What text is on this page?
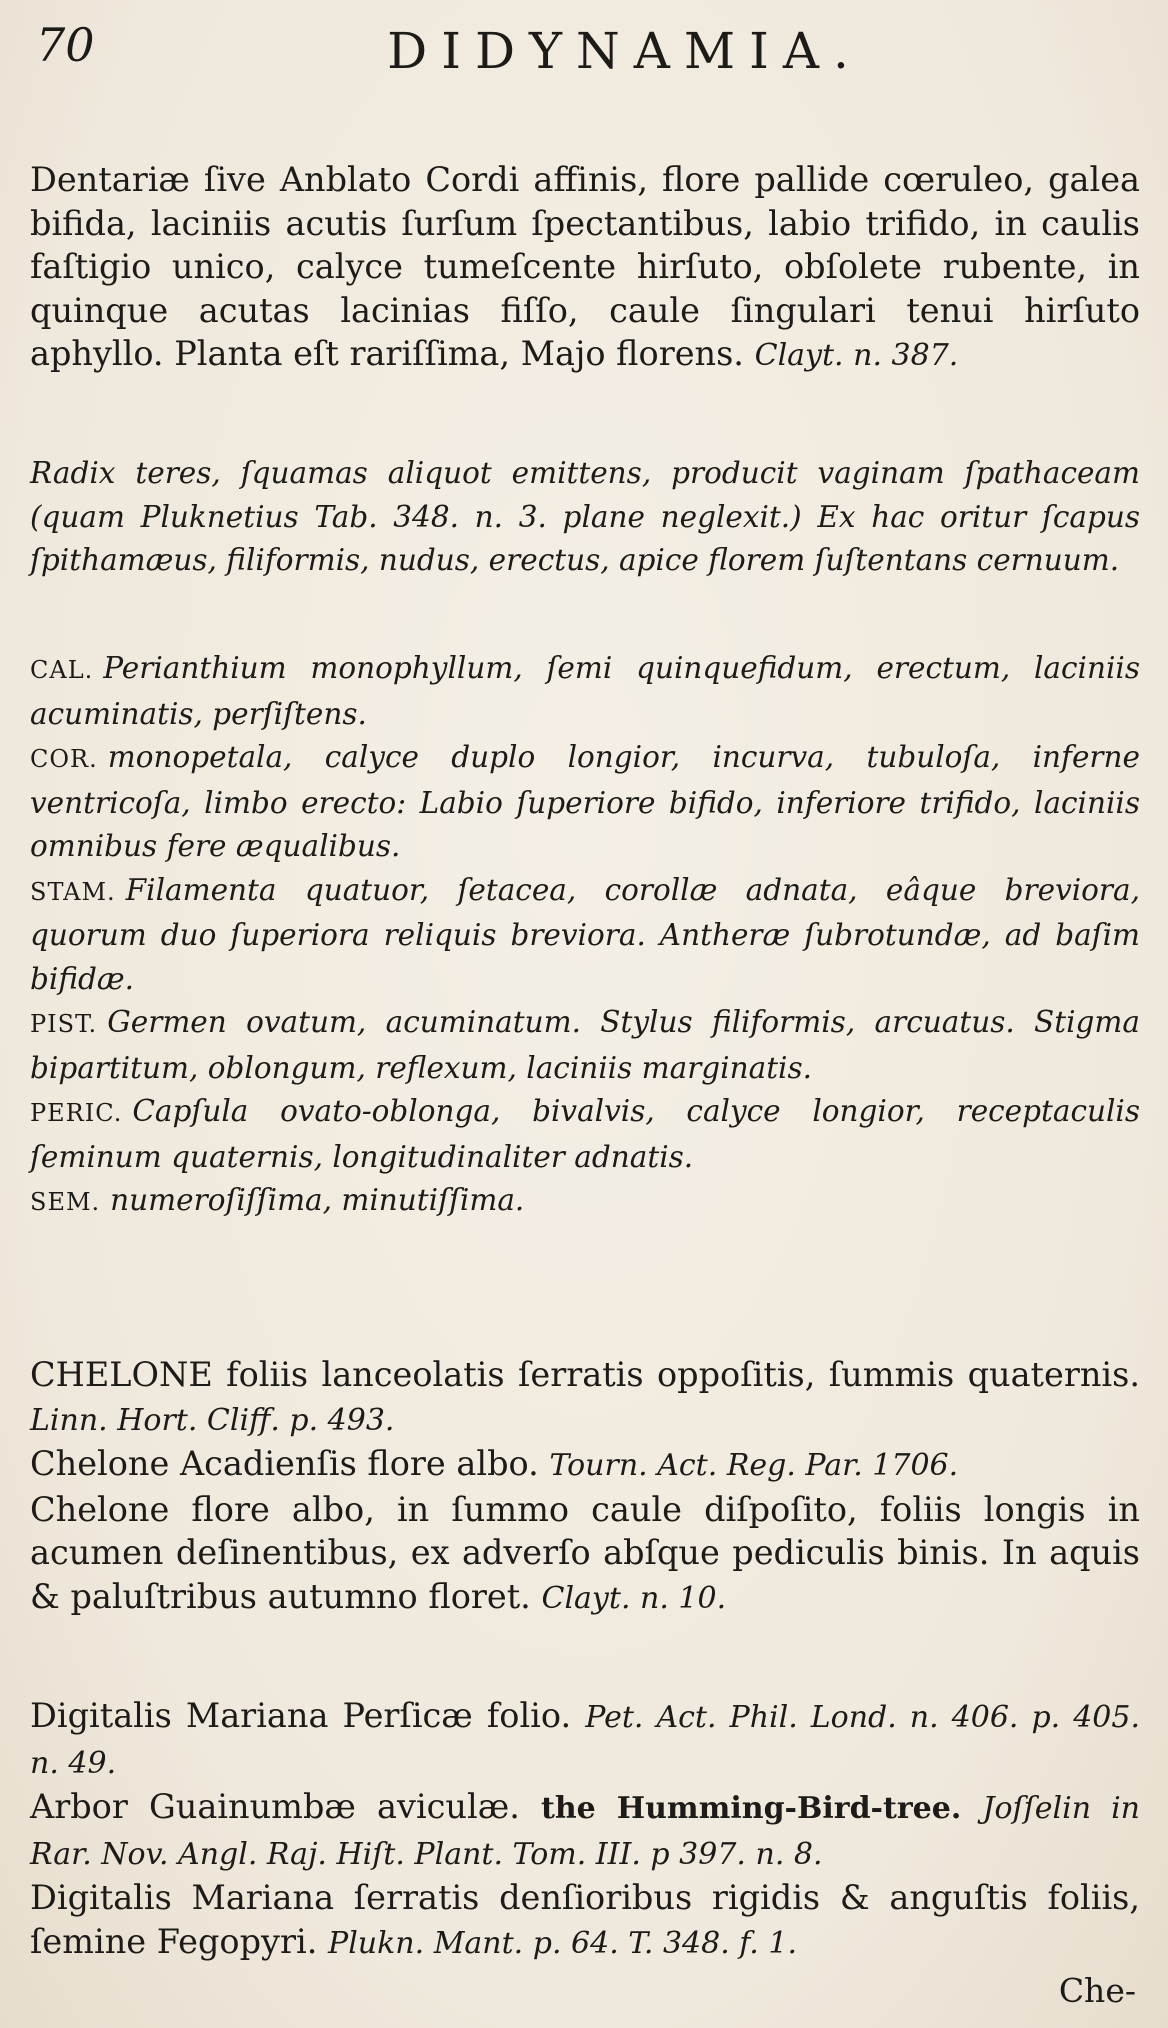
70	DIDYNAMIA.

Dentariæ ſive Anblato Cordi affinis, flore pallide cœruleo, galea bifida, laciniis acutis ſurſum ſpectantibus, labio trifido, in caulis faſtigio unico, calyce tumeſcente hirſuto, obſolete rubente, in quinque acutas lacinias fiſſo, caule ſingulari tenui hirſuto aphyllo. Planta eſt rariſſima, Majo florens. Clayt. n. 387.

Radix teres, ſquamas aliquot emittens, producit vaginam ſpathaceam (quam Pluknetius Tab. 348. n. 3. plane neglexit.) Ex hac oritur ſcapus ſpithamæus, filiformis, nudus, erectus, apice florem ſuſtentans cernuum.

CAL. Perianthium monophyllum, ſemi quinquefidum, erectum, laciniis acuminatis, perſiſtens.

COR. monopetala, calyce duplo longior, incurva, tubuloſa, inferne ventricoſa, limbo erecto: Labio ſuperiore bifido, inferiore trifido, laciniis omnibus fere æqualibus.

STAM. Filamenta quatuor, ſetacea, corollæ adnata, eâque breviora, quorum duo ſuperiora reliquis breviora. Antheræ ſubrotundæ, ad baſim bifidæ.

PIST. Germen ovatum, acuminatum. Stylus filiformis, arcuatus. Stigma bipartitum, oblongum, reflexum, laciniis marginatis.

PERIC. Capſula ovato-oblonga, bivalvis, calyce longior, receptaculis ſeminum quaternis, longitudinaliter adnatis.

SEM. numeroſiſſima, minutiſſima.

CHELONE foliis lanceolatis ſerratis oppoſitis, ſummis quaternis. Linn. Hort. Cliff. p. 493.

Chelone Acadienſis flore albo. Tourn. Act. Reg. Par. 1706.

Chelone flore albo, in ſummo caule diſpoſito, foliis longis in acumen deſinentibus, ex adverſo abſque pediculis binis. In aquis & paluſtribus autumno floret. Clayt. n. 10.

Digitalis Mariana Perſicæ folio. Pet. Act. Phil. Lond. n. 406. p. 405. n. 49.

Arbor Guainumbæ aviculæ. the Humming-Bird-tree. Joſſelin in Rar. Nov. Angl. Raj. Hiſt. Plant. Tom. III. p 397. n. 8.

Digitalis Mariana ſerratis denſioribus rigidis & anguſtis foliis, ſemine Fegopyri. Plukn. Mant. p. 64. T. 348. f. 1.

Che-
